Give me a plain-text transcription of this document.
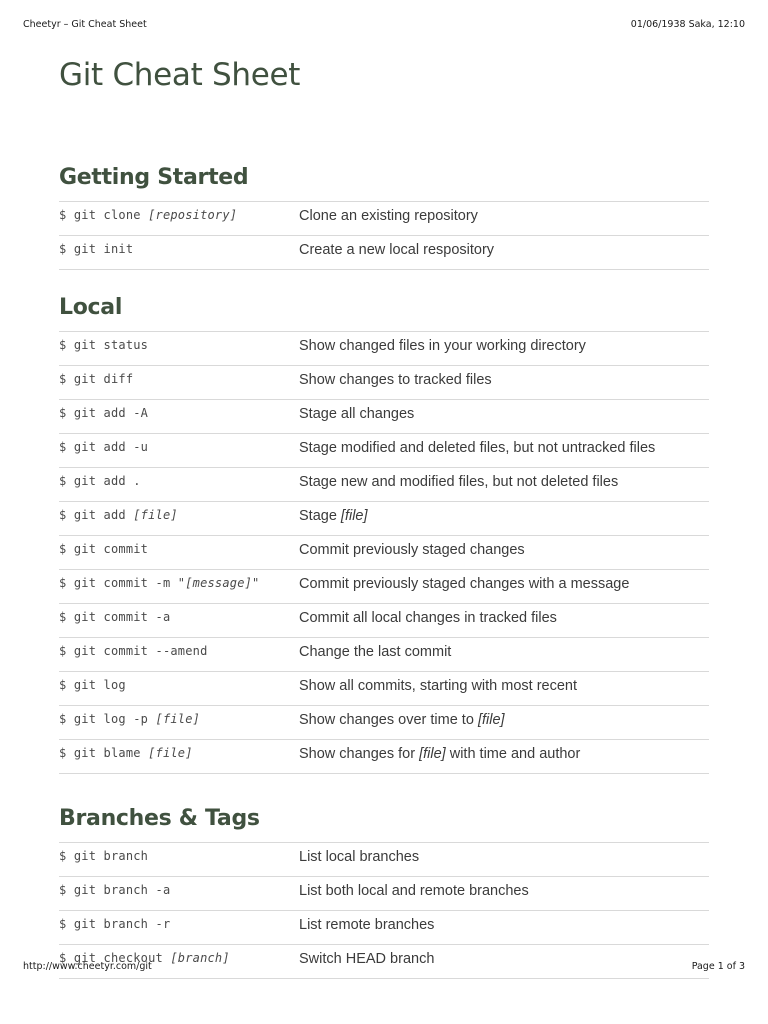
Cheetyr – Git Cheat Sheet	01/06/1938 Saka, 12:10
Git Cheat Sheet
Getting Started
$ git clone [repository]	Clone an existing repository
$ git init	Create a new local respository
Local
$ git status	Show changed files in your working directory
$ git diff	Show changes to tracked files
$ git add -A	Stage all changes
$ git add -u	Stage modified and deleted files, but not untracked files
$ git add .	Stage new and modified files, but not deleted files
$ git add [file]	Stage [file]
$ git commit	Commit previously staged changes
$ git commit -m "[message]"	Commit previously staged changes with a message
$ git commit -a	Commit all local changes in tracked files
$ git commit --amend	Change the last commit
$ git log	Show all commits, starting with most recent
$ git log -p [file]	Show changes over time to [file]
$ git blame [file]	Show changes for [file] with time and author
Branches & Tags
$ git branch	List local branches
$ git branch -a	List both local and remote branches
$ git branch -r	List remote branches
$ git checkout [branch]	Switch HEAD branch
http://www.cheetyr.com/git	Page 1 of 3
